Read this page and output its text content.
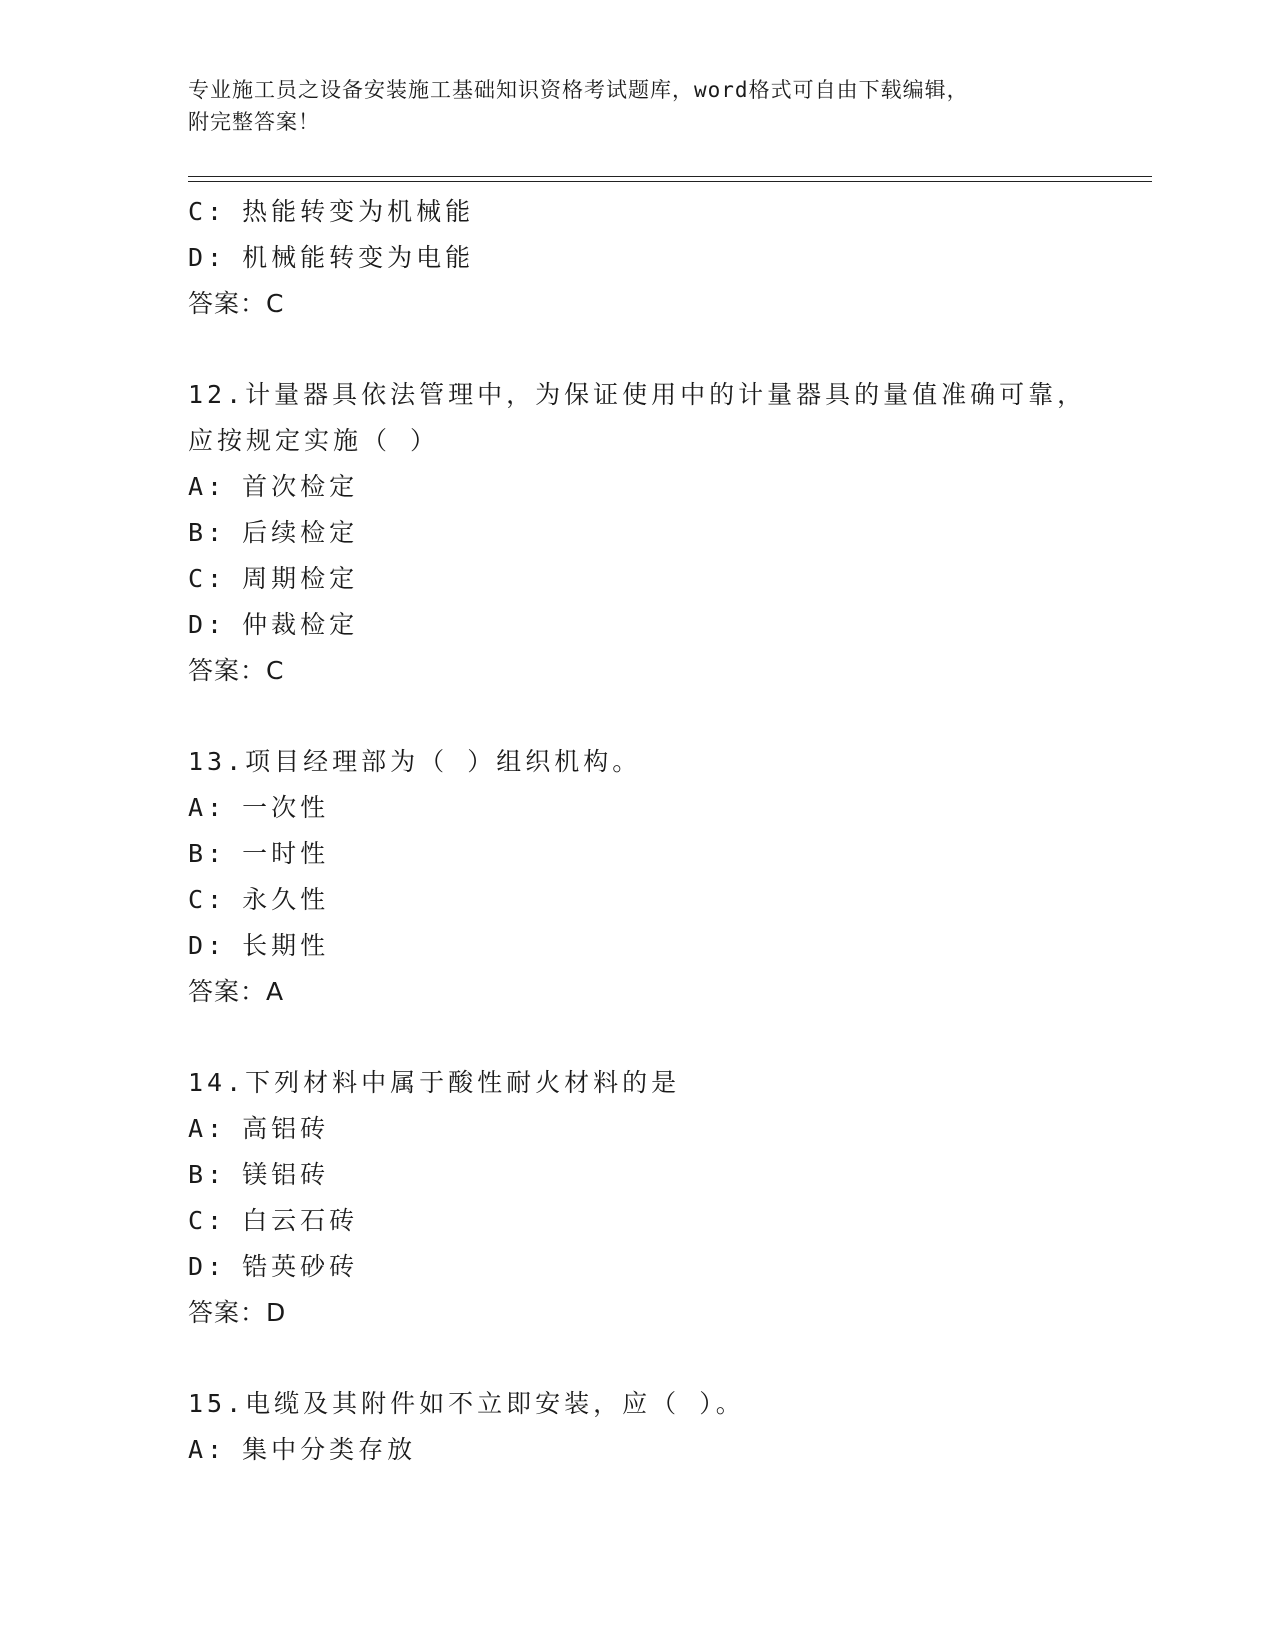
专业施工员之设备安装施工基础知识资格考试题库，word格式可自由下载编辑，
附完整答案！
C: 热能转变为机械能
D: 机械能转变为电能
答案：C
12.计量器具依法管理中，为保证使用中的计量器具的量值准确可靠，
应按规定实施（ ）
A: 首次检定
B: 后续检定
C: 周期检定
D: 仲裁检定
答案：C
13.项目经理部为（ ）组织机构。
A: 一次性
B: 一时性
C: 永久性
D: 长期性
答案：A
14.下列材料中属于酸性耐火材料的是
A: 高铝砖
B: 镁铝砖
C: 白云石砖
D: 锆英砂砖
答案：D
15.电缆及其附件如不立即安装，应（ ）。
A: 集中分类存放
